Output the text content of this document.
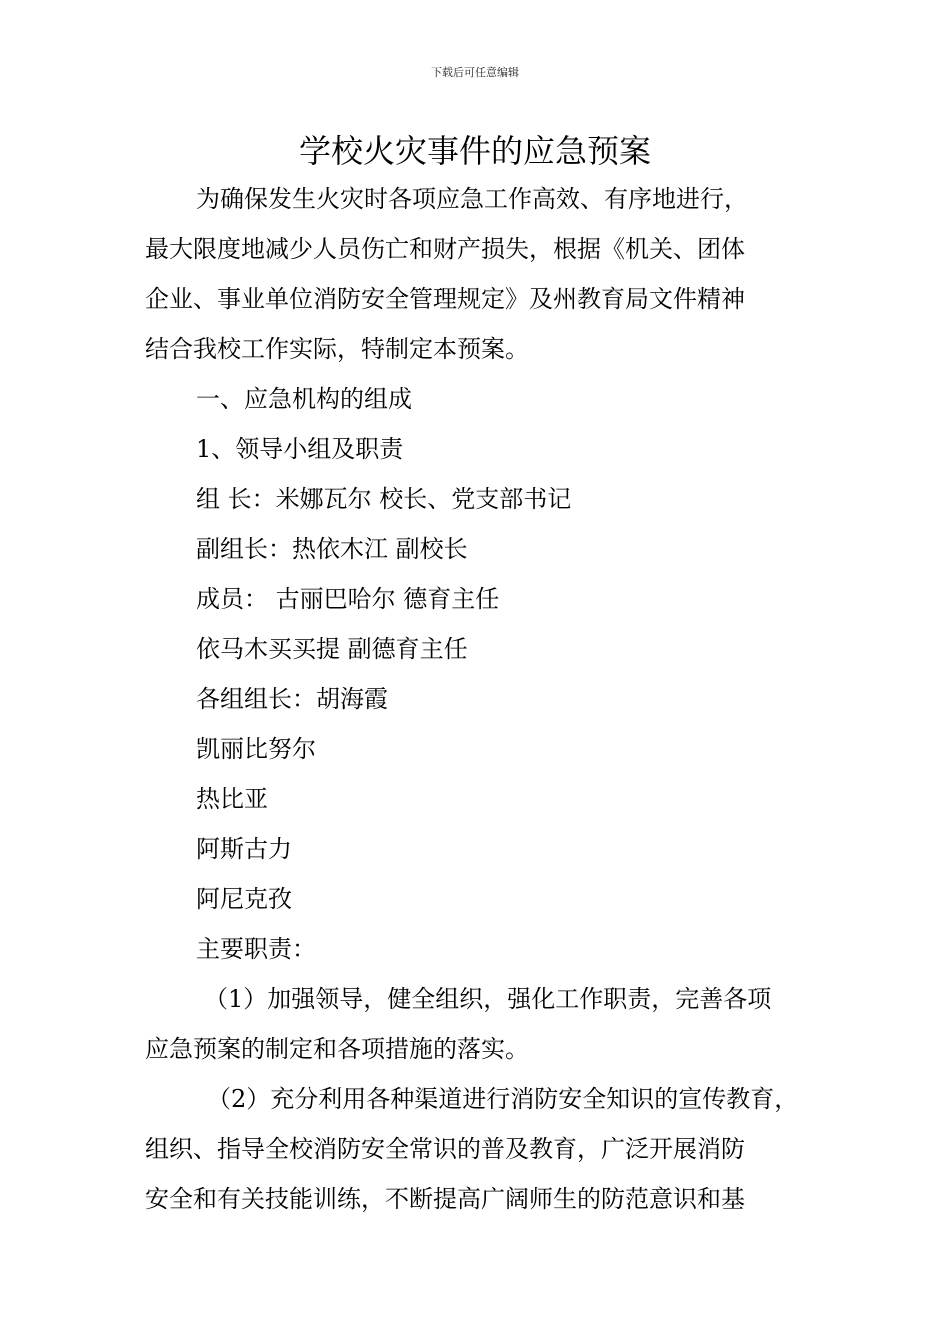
下载后可任意编辑
学校火灾事件的应急预案

为确保发生火灾时各项应急工作高效、有序地进行，

最大限度地减少人员伤亡和财产损失，根据《机关、团体

企业、事业单位消防安全管理规定》及州教育局文件精神

结合我校工作实际，特制定本预案。

一、应急机构的组成

1、领导小组及职责

组 长：米娜瓦尔 校长、党支部书记

副组长：热依木江 副校长

成员： 古丽巴哈尔 德育主任

依马木买买提 副德育主任

各组组长：胡海霞

凯丽比努尔

热比亚

阿斯古力

阿尼克孜

主要职责：

（1）加强领导，健全组织，强化工作职责，完善各项

应急预案的制定和各项措施的落实。

（2）充分利用各种渠道进行消防安全知识的宣传教育，

组织、指导全校消防安全常识的普及教育，广泛开展消防

安全和有关技能训练，不断提高广阔师生的防范意识和基
